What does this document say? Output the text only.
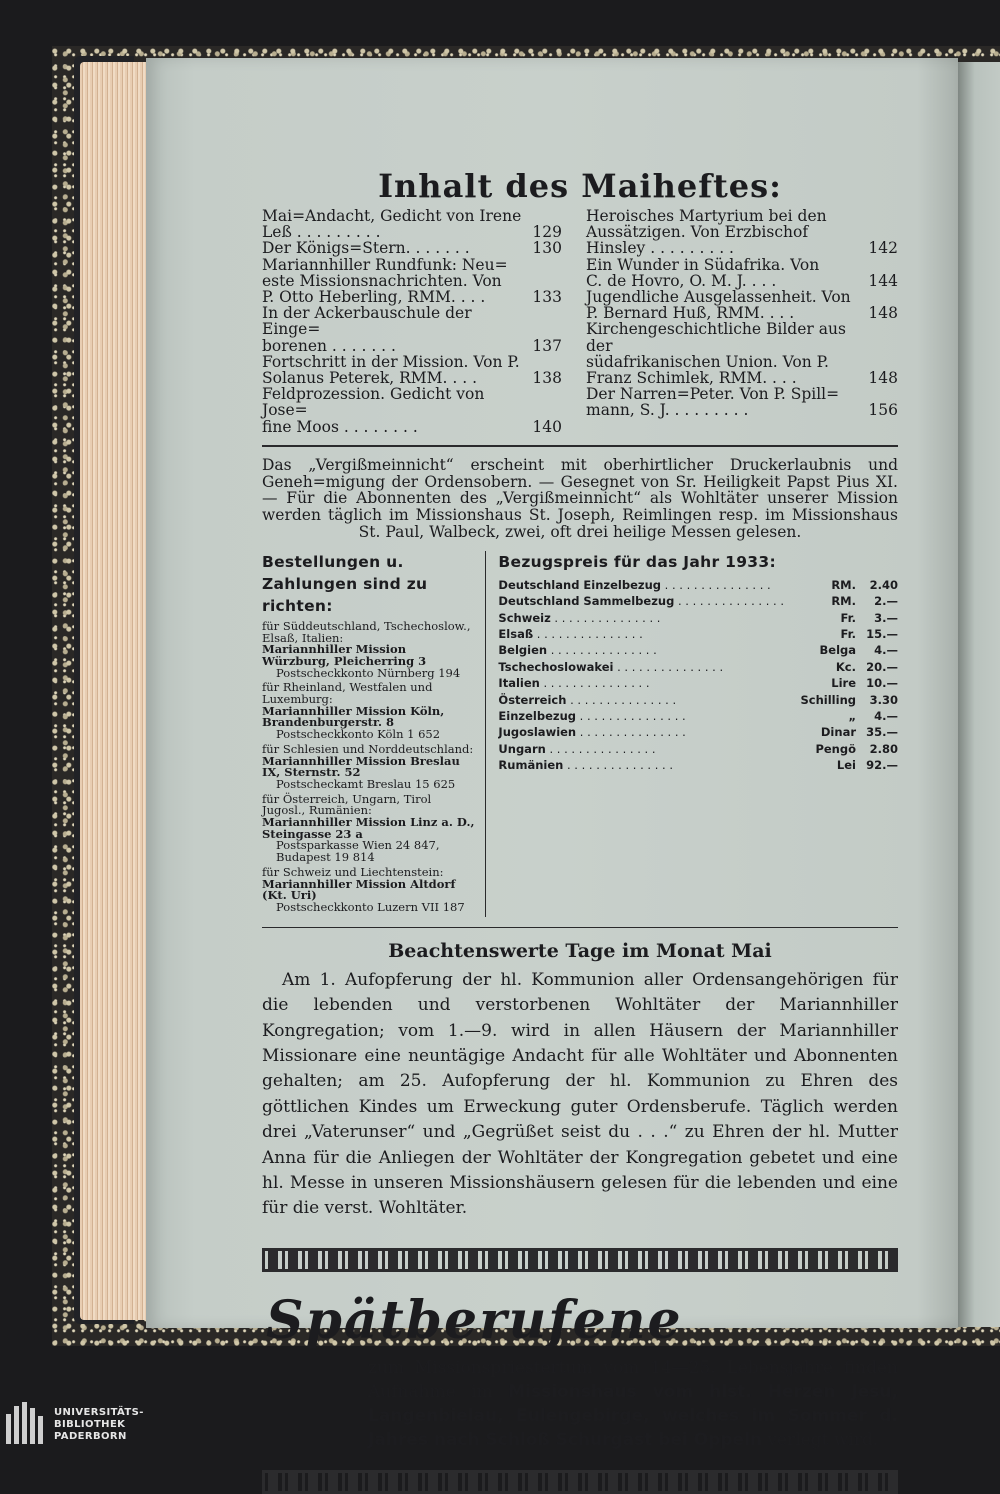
Inhalt des Maiheftes:
Mai=Andacht, Gedicht von Irene
Leß . . . . . . . . .	129
Der Königs=Stern. . . . . . .	130
Mariannhiller Rundfunk: Neu=
este Missionsnachrichten. Von
P. Otto Heberling, RMM. . . .	133
In der Ackerbauschule der Einge=
borenen . . . . . . .	137
Fortschritt in der Mission. Von P.
Solanus Peterek, RMM. . . .	138
Feldprozession. Gedicht von Jose=
fine Moos . . . . . . . .	140
Heroisches Martyrium bei den
Aussätzigen. Von Erzbischof
Hinsley . . . . . . . . .	142
Ein Wunder in Südafrika. Von
C. de Hovro, O. M. J. . . .	144
Jugendliche Ausgelassenheit. Von
P. Bernard Huß, RMM. . . .	148
Kirchengeschichtliche Bilder aus der
südafrikanischen Union. Von P.
Franz Schimlek, RMM. . . .	148
Der Narren=Peter. Von P. Spill=
mann, S. J. . . . . . . . .	156

Das „Vergißmeinnicht“ erscheint mit oberhirtlicher Druckerlaubnis und Geneh=migung der Ordensobern. — Gesegnet von Sr. Heiligkeit Papst Pius XI. — Für die Abonnenten des „Vergißmeinnicht“ als Wohltäter unserer Mission werden täglich im Missionshaus St. Joseph, Reimlingen resp. im Missionshaus St. Paul, Walbeck, zwei, oft drei heilige Messen gelesen.

Bestellungen u. Zahlungen sind zu richten:
für Süddeutschland, Tschechoslow., Elsaß, Italien:
Mariannhiller Mission Würzburg, Pleicherring 3
Postscheckkonto Nürnberg 194
für Rheinland, Westfalen und Luxemburg:
Mariannhiller Mission Köln, Brandenburgerstr. 8
Postscheckkonto Köln 1 652
für Schlesien und Norddeutschland:
Mariannhiller Mission Breslau IX, Sternstr. 52
Postscheckamt Breslau 15 625
für Österreich, Ungarn, Tirol Jugosl., Rumänien:
Mariannhiller Mission Linz a. D., Steingasse 23 a
Postsparkasse Wien 24 847, Budapest 19 814
für Schweiz und Liechtenstein:
Mariannhiller Mission Altdorf (Kt. Uri)
Postscheckkonto Luzern VII 187
Bezugspreis für das Jahr 1933:
Deutschland Einzelbezug . . .	RM.	2.40
Deutschland Sammelbezug . . .	RM.	2.—
Schweiz . . .	Fr.	3.—
Elsaß . . .	Fr. 15.—
Belgien . . .	Belga	4.—
Tschechoslowakei . . .	Kc. 20.—
Italien . . .	Lire 10.—
Österreich . . .	Schilling	3.30
Einzelbezug . . .	„	4.—
Jugoslawien . . .	Dinar 35.—
Ungarn . . .	Pengö	2.80
Rumänien . . .	Lei 92.—
Beachtenswerte Tage im Monat Mai

Am 1. Aufopferung der hl. Kommunion aller Ordensangehörigen für die lebenden und verstorbenen Wohltäter der Mariannhiller Kongregation; vom 1.—9. wird in allen Häusern der Mariannhiller Missionare eine neuntägige Andacht für alle Wohltäter und Abonnenten gehalten; am 25. Aufopferung der hl. Kommunion zu Ehren des göttlichen Kindes um Erweckung guter Ordensberufe. Täglich werden drei „Vaterunser“ und „Gegrüßet seist du . . .“ zu Ehren der hl. Mutter Anna für die Anliegen der Wohltäter der Kongregation gebetet und eine hl. Messe in unseren Missionshäusern gelesen für die lebenden und eine für die verst. Wohltäter.

Spätberufene

zum Missionspriestertum vom 14—25. Lebensjahre finden Aufnahme im Missionshaus vom hlst. Herzen Jesu, Langenbielau, Eulengebirge, welches im Sommer d. Jahres nach Schloß Schurgast bei Oppeln verlegt wird.

UNIVERSITÄTS-
BIBLIOTHEK
PADERBORN
